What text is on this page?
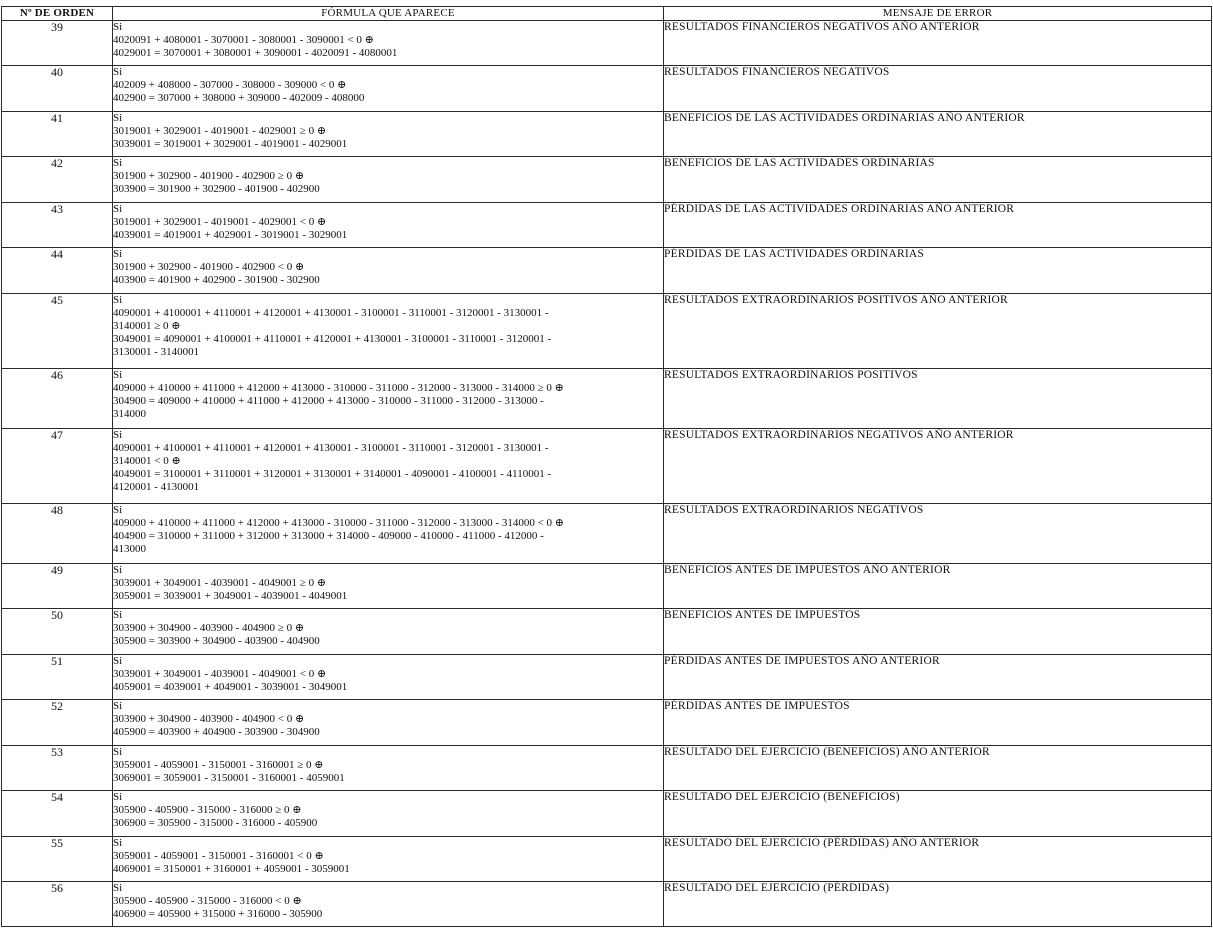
Nº DE ORDEN	FÓRMULA QUE APARECE	MENSAJE DE ERROR
39	Si
4020091 + 4080001 - 3070001 - 3080001 - 3090001 < 0 ⊕
4029001 = 3070001 + 3080001 + 3090001 - 4020091 - 4080001	RESULTADOS FINANCIEROS NEGATIVOS AÑO ANTERIOR
40	Si
402009 + 408000 - 307000 - 308000 - 309000 < 0 ⊕
402900 = 307000 + 308000 + 309000 - 402009 - 408000	RESULTADOS FINANCIEROS NEGATIVOS
41	Si
3019001 + 3029001 - 4019001 - 4029001 ≥ 0 ⊕
3039001 = 3019001 + 3029001 - 4019001 - 4029001	BENEFICIOS DE LAS ACTIVIDADES ORDINARIAS AÑO ANTERIOR
42	Si
301900 + 302900 - 401900 - 402900 ≥ 0 ⊕
303900 = 301900 + 302900 - 401900 - 402900	BENEFICIOS DE LAS ACTIVIDADES ORDINARIAS
43	Si
3019001 + 3029001 - 4019001 - 4029001 < 0 ⊕
4039001 = 4019001 + 4029001 - 3019001 - 3029001	PÉRDIDAS DE LAS ACTIVIDADES ORDINARIAS AÑO ANTERIOR
44	Si
301900 + 302900 - 401900 - 402900 < 0 ⊕
403900 = 401900 + 402900 - 301900 - 302900	PÉRDIDAS DE LAS ACTIVIDADES ORDINARIAS
45	Si
4090001 + 4100001 + 4110001 + 4120001 + 4130001 - 3100001 - 3110001 - 3120001 - 3130001 -
3140001 ≥ 0 ⊕
3049001 = 4090001 + 4100001 + 4110001 + 4120001 + 4130001 - 3100001 - 3110001 - 3120001 -
3130001 - 3140001	RESULTADOS EXTRAORDINARIOS POSITIVOS AÑO ANTERIOR
46	Si
409000 + 410000 + 411000 + 412000 + 413000 - 310000 - 311000 - 312000 - 313000 - 314000 ≥ 0 ⊕
304900 = 409000 + 410000 + 411000 + 412000 + 413000 - 310000 - 311000 - 312000 - 313000 -
314000	RESULTADOS EXTRAORDINARIOS POSITIVOS
47	Si
4090001 + 4100001 + 4110001 + 4120001 + 4130001 - 3100001 - 3110001 - 3120001 - 3130001 -
3140001 < 0 ⊕
4049001 = 3100001 + 3110001 + 3120001 + 3130001 + 3140001 - 4090001 - 4100001 - 4110001 -
4120001 - 4130001	RESULTADOS EXTRAORDINARIOS NEGATIVOS AÑO ANTERIOR
48	Si
409000 + 410000 + 411000 + 412000 + 413000 - 310000 - 311000 - 312000 - 313000 - 314000 < 0 ⊕
404900 = 310000 + 311000 + 312000 + 313000 + 314000 - 409000 - 410000 - 411000 - 412000 -
413000	RESULTADOS EXTRAORDINARIOS NEGATIVOS
49	Si
3039001 + 3049001 - 4039001 - 4049001 ≥ 0 ⊕
3059001 = 3039001 + 3049001 - 4039001 - 4049001	BENEFICIOS ANTES DE IMPUESTOS AÑO ANTERIOR
50	Si
303900 + 304900 - 403900 - 404900 ≥ 0 ⊕
305900 = 303900 + 304900 - 403900 - 404900	BENEFICIOS ANTES DE IMPUESTOS
51	Si
3039001 + 3049001 - 4039001 - 4049001 < 0 ⊕
4059001 = 4039001 + 4049001 - 3039001 - 3049001	PÉRDIDAS ANTES DE IMPUESTOS AÑO ANTERIOR
52	Si
303900 + 304900 - 403900 - 404900 < 0 ⊕
405900 = 403900 + 404900 - 303900 - 304900	PÉRDIDAS ANTES DE IMPUESTOS
53	Si
3059001 - 4059001 - 3150001 - 3160001 ≥ 0 ⊕
3069001 = 3059001 - 3150001 - 3160001 - 4059001	RESULTADO DEL EJERCICIO (BENEFICIOS) AÑO ANTERIOR
54	Si
305900 - 405900 - 315000 - 316000 ≥ 0 ⊕
306900 = 305900 - 315000 - 316000 - 405900	RESULTADO DEL EJERCICIO (BENEFICIOS)
55	Si
3059001 - 4059001 - 3150001 - 3160001 < 0 ⊕
4069001 = 3150001 + 3160001 + 4059001 - 3059001	RESULTADO DEL EJERCICIO (PÉRDIDAS) AÑO ANTERIOR
56	Si
305900 - 405900 - 315000 - 316000 < 0 ⊕
406900 = 405900 + 315000 + 316000 - 305900	RESULTADO DEL EJERCICIO (PÉRDIDAS)
